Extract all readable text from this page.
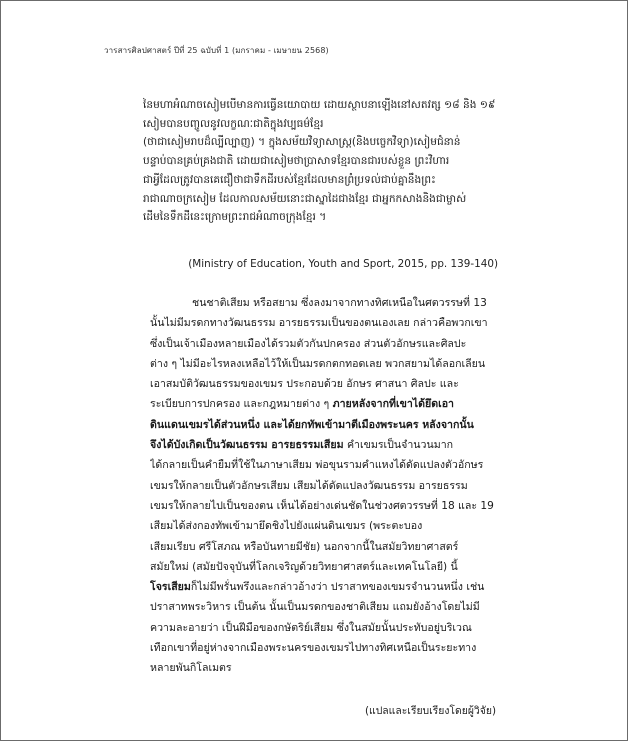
วารสารศิลปศาสตร์ ปีที่ 25 ฉบับที่ 1 (มกราคม - เมษายน 2568)
នៃមហាអំណាចសៀមបើមានការធ្វើនយោបាយ ដោយស្ថាបនាឡើងនៅសតវត្ស ១៨ និង ១៩
សៀមបានបញ្ចូលនូវលក្ខណៈជាតិក្នុងវប្បធម៌ខ្មែរ
(ថាជាសៀមរាបដ៏ល្បីល្បាញ) ។ ក្នុងសម័យវិទ្យាសាស្ត្រ(និងបច្ចេកវិទ្យា)សៀមជំនាន់
បន្ទាប់បានគ្រប់គ្រងជាតិ ដោយជាសៀមថាប្រាសាទខ្មែរបានជារបស់ខ្លួន ព្រះវិហារ
ជាអ្វីដែលត្រូវបានគេជឿថាជាទឹកដីរបស់ខ្មែរដែលមានព្រំប្រទល់ជាប់គ្នានឹងព្រះ
រាជាណាចក្រសៀម ដែលកាលសម័យនោះជាស្នាដៃជាងខ្មែរ ជាអ្នកកសាងនិងជាម្ចាស់
ដើមនៃទឹកដីនេះក្រោមព្រះរាជអំណាចក្រុងខ្មែរ ។
(Ministry of Education, Youth and Sport, 2015, pp. 139-140)
ชนชาติเสียม หรือสยาม ซึ่งลงมาจากทางทิศเหนือในศตวรรษที่ 13
นั้นไม่มีมรดกทางวัฒนธรรม อารยธรรมเป็นของตนเองเลย กล่าวคือพวกเขา
ซึ่งเป็นเจ้าเมืองหลายเมืองได้รวมตัวกันปกครอง ส่วนตัวอักษรและศิลปะ
ต่าง ๆ ไม่มีอะไรหลงเหลือไว้ให้เป็นมรดกตกทอดเลย พวกสยามได้ลอกเลียน
เอาสมบัติวัฒนธรรมของเขมร ประกอบด้วย อักษร ศาสนา ศิลปะ และ
ระเบียบการปกครอง และกฎหมายต่าง ๆ ภายหลังจากที่เขาได้ยึดเอา
ดินแดนเขมรได้ส่วนหนึ่ง และได้ยกทัพเข้ามาตีเมืองพระนคร หลังจากนั้น
จึงได้บังเกิดเป็นวัฒนธรรม อารยธรรมเสียม คำเขมรเป็นจำนวนมาก
ได้กลายเป็นคำยืมที่ใช้ในภาษาเสียม พ่อขุนรามคำแหงได้ดัดแปลงตัวอักษร
เขมรให้กลายเป็นตัวอักษรเสียม เสียมได้ดัดแปลงวัฒนธรรม อารยธรรม
เขมรให้กลายไปเป็นของตน เห็นได้อย่างเด่นชัดในช่วงศตวรรษที่ 18 และ 19
เสียมได้ส่งกองทัพเข้ามายึดชิงไปยังแผ่นดินเขมร (พระตะบอง
เสียมเรียบ ศรีโสภณ หรือบันทายมีชัย) นอกจากนี้ในสมัยวิทยาศาสตร์
สมัยใหม่ (สมัยปัจจุบันที่โลกเจริญด้วยวิทยาศาสตร์และเทคโนโลยี) นี้
โจรเสียมก็ไม่มีพรั่นพรึงและกล่าวอ้างว่า ปราสาทของเขมรจำนวนหนึ่ง เช่น
ปราสาทพระวิหาร เป็นต้น นั้นเป็นมรดกของชาติเสียม แถมยังอ้างโดยไม่มี
ความละอายว่า เป็นฝีมือของกษัตริย์เสียม ซึ่งในสมัยนั้นประทับอยู่บริเวณ
เทือกเขาที่อยู่ห่างจากเมืองพระนครของเขมรไปทางทิศเหนือเป็นระยะทาง
หลายพันกิโลเมตร
(แปลและเรียบเรียงโดยผู้วิจัย)
